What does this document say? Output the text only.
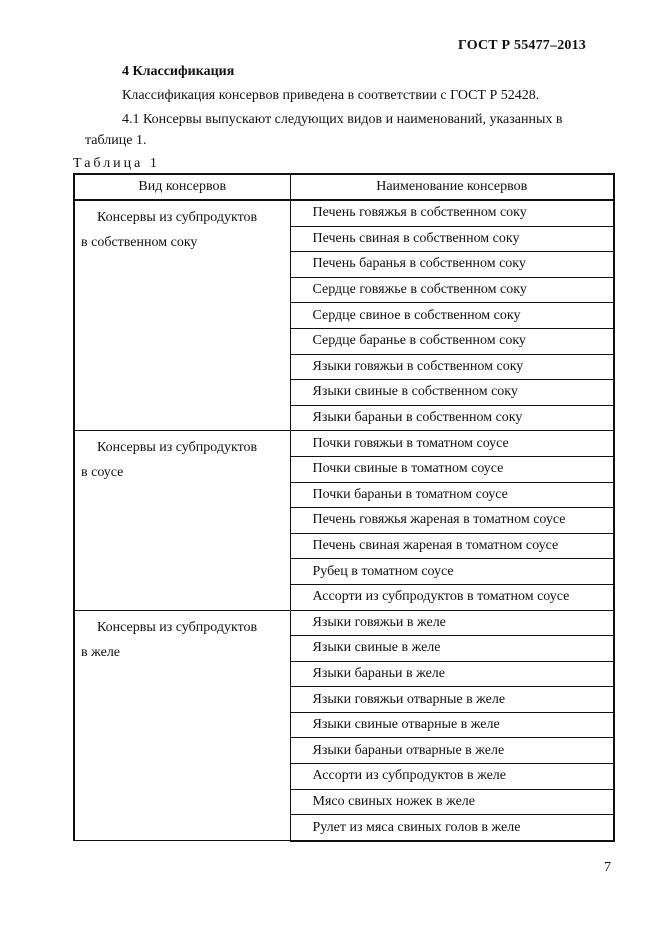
ГОСТ Р 55477–2013
4 Классификация
Классификация консервов приведена в соответствии с ГОСТ Р 52428.
4.1 Консервы выпускают следующих видов и наименований, указанных в
таблице 1.
Таблица 1
Вид консервов	Наименование консервов

Консервы из субпродуктов
в собственном соку	Печень говяжья в собственном соку
	Печень свиная в собственном соку
	Печень баранья в собственном соку
	Сердце говяжье в собственном соку
	Сердце свиное в собственном соку
	Сердце баранье в собственном соку
	Языки говяжьи в собственном соку
	Языки свиные в собственном соку
	Языки бараньи в собственном соку

Консервы из субпродуктов
в соусе	Почки говяжьи в томатном соусе
	Почки свиные в томатном соусе
	Почки бараньи в томатном соусе
	Печень говяжья жареная в томатном соусе
	Печень свиная жареная в томатном соусе
	Рубец в томатном соусе
	Ассорти из субпродуктов в томатном соусе

Консервы из субпродуктов
в желе	Языки говяжьи в желе
	Языки свиные в желе
	Языки бараньи в желе
	Языки говяжьи отварные в желе
	Языки свиные отварные в желе
	Языки бараньи отварные в желе
	Ассорти из субпродуктов в желе
	Мясо свиных ножек в желе
	Рулет из мяса свиных голов в желе
7
